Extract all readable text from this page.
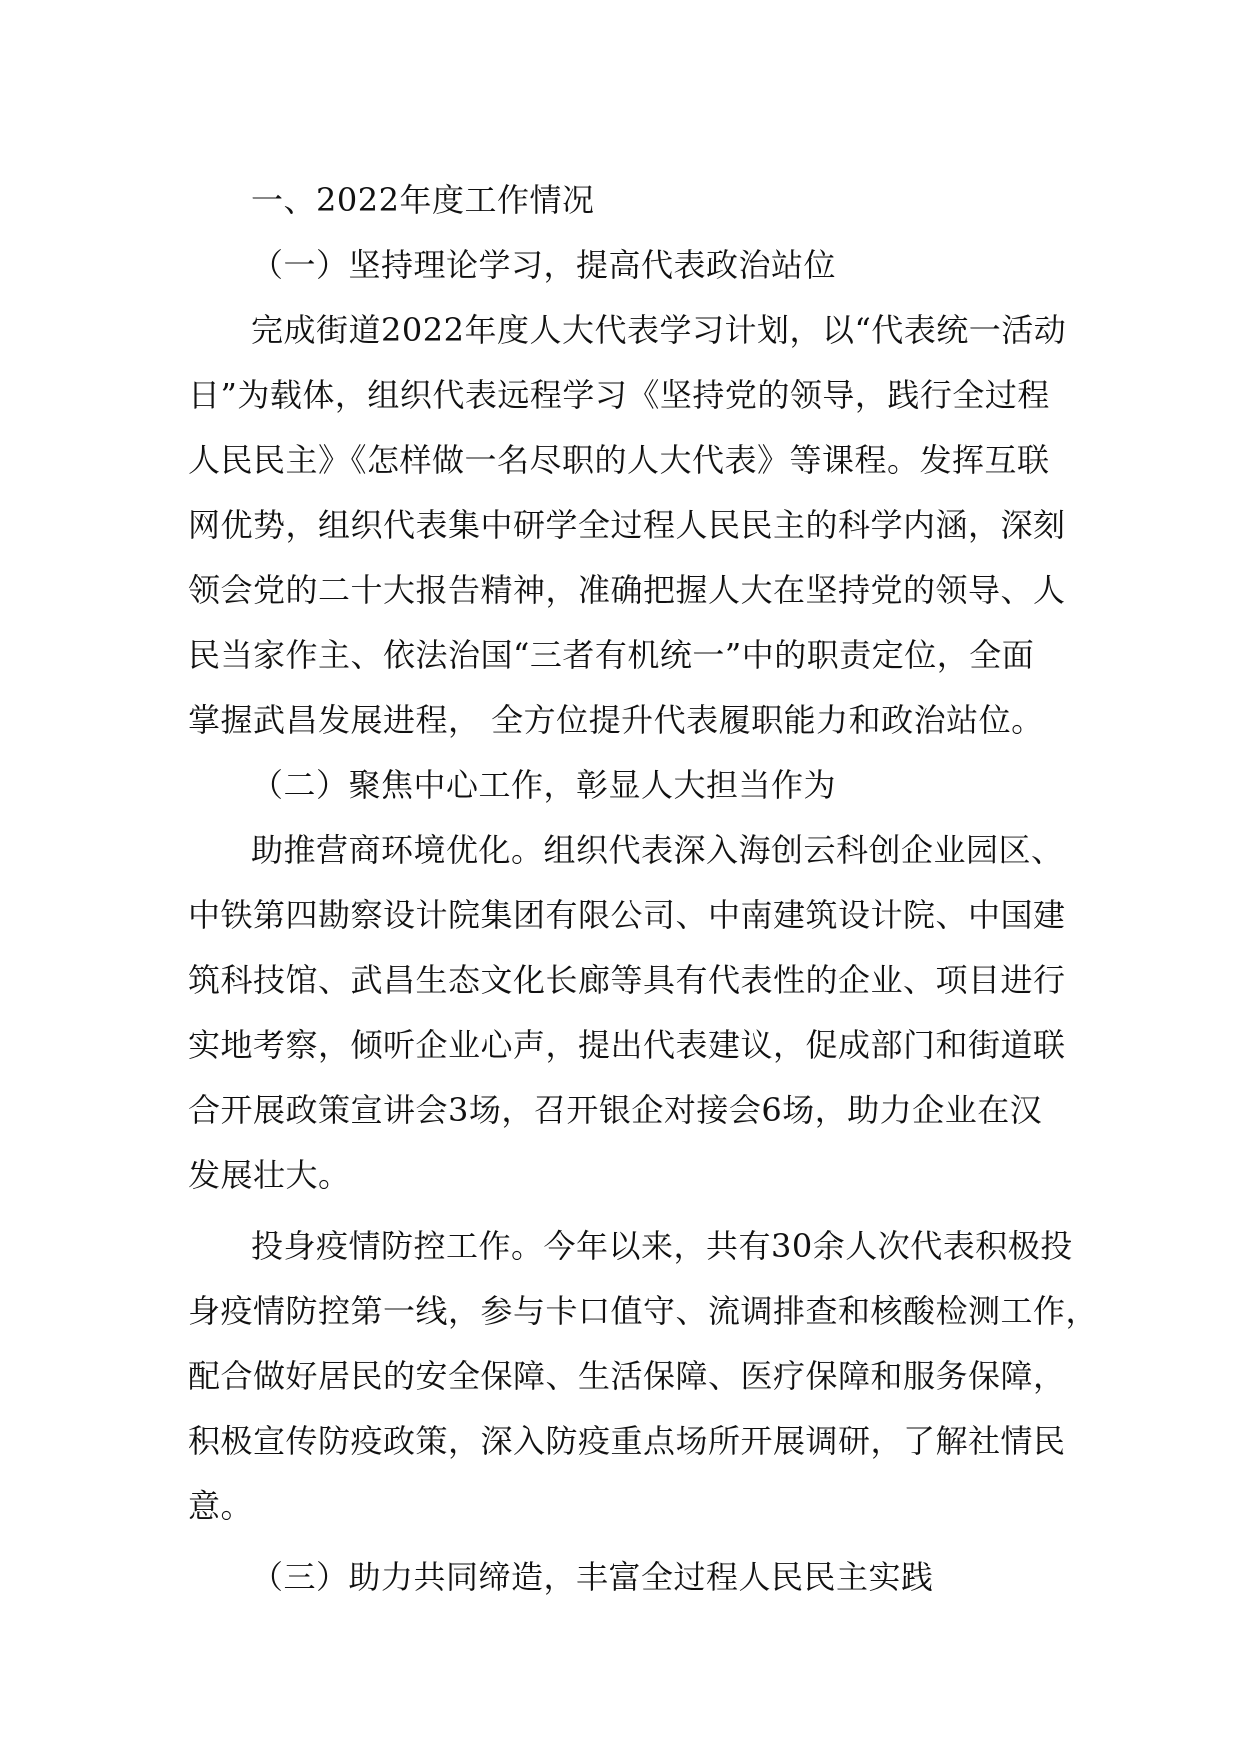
一、2022年度工作情况
（一）坚持理论学习，提高代表政治站位
完成街道2022年度人大代表学习计划，以“代表统一活动
日”为载体，组织代表远程学习《坚持党的领导，践行全过程
人民民主》《怎样做一名尽职的人大代表》等课程。发挥互联
网优势，组织代表集中研学全过程人民民主的科学内涵，深刻
领会党的二十大报告精神，准确把握人大在坚持党的领导、人
民当家作主、依法治国“三者有机统一”中的职责定位，全面
掌握武昌发展进程， 全方位提升代表履职能力和政治站位。
（二）聚焦中心工作，彰显人大担当作为
助推营商环境优化。组织代表深入海创云科创企业园区、
中铁第四勘察设计院集团有限公司、中南建筑设计院、中国建
筑科技馆、武昌生态文化长廊等具有代表性的企业、项目进行
实地考察，倾听企业心声，提出代表建议，促成部门和街道联
合开展政策宣讲会3场，召开银企对接会6场，助力企业在汉
发展壮大。
投身疫情防控工作。今年以来，共有30余人次代表积极投
身疫情防控第一线，参与卡口值守、流调排查和核酸检测工作，
配合做好居民的安全保障、生活保障、医疗保障和服务保障，
积极宣传防疫政策，深入防疫重点场所开展调研，了解社情民
意。
（三）助力共同缔造，丰富全过程人民民主实践
